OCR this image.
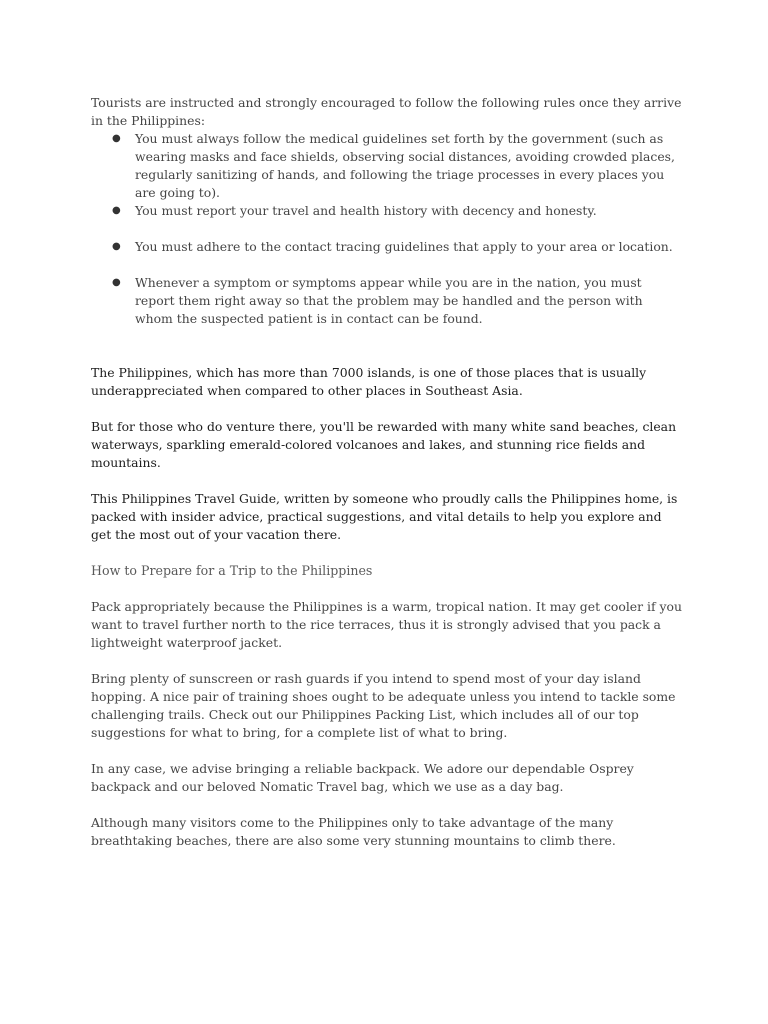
Tourists are instructed and strongly encouraged to follow the following rules once they arrive in the Philippines:

● You must always follow the medical guidelines set forth by the government (such as wearing masks and face shields, observing social distances, avoiding crowded places, regularly sanitizing of hands, and following the triage processes in every places you are going to).
● You must report your travel and health history with decency and honesty.
● You must adhere to the contact tracing guidelines that apply to your area or location.
● Whenever a symptom or symptoms appear while you are in the nation, you must report them right away so that the problem may be handled and the person with whom the suspected patient is in contact can be found.

The Philippines, which has more than 7000 islands, is one of those places that is usually underappreciated when compared to other places in Southeast Asia.

But for those who do venture there, you'll be rewarded with many white sand beaches, clean waterways, sparkling emerald-colored volcanoes and lakes, and stunning rice fields and mountains.

This Philippines Travel Guide, written by someone who proudly calls the Philippines home, is packed with insider advice, practical suggestions, and vital details to help you explore and get the most out of your vacation there.

How to Prepare for a Trip to the Philippines

Pack appropriately because the Philippines is a warm, tropical nation. It may get cooler if you want to travel further north to the rice terraces, thus it is strongly advised that you pack a lightweight waterproof jacket.

Bring plenty of sunscreen or rash guards if you intend to spend most of your day island hopping. A nice pair of training shoes ought to be adequate unless you intend to tackle some challenging trails. Check out our Philippines Packing List, which includes all of our top suggestions for what to bring, for a complete list of what to bring.

In any case, we advise bringing a reliable backpack. We adore our dependable Osprey backpack and our beloved Nomatic Travel bag, which we use as a day bag.

Although many visitors come to the Philippines only to take advantage of the many breathtaking beaches, there are also some very stunning mountains to climb there.
